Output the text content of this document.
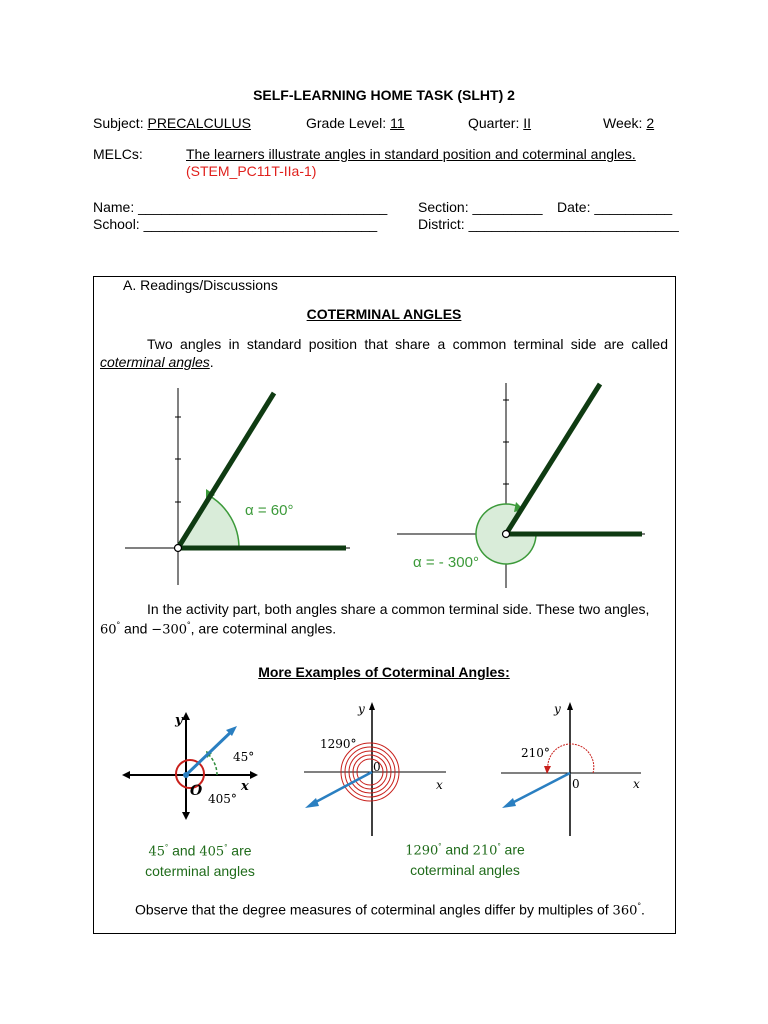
SELF-LEARNING HOME TASK (SLHT) 2
Subject: PRECALCULUS	Grade Level: 11	Quarter: II	Week: 2
MELCs:	The learners illustrate angles in standard position and coterminal angles.
(STEM_PC11T-IIa-1)
Name: ________________________________ Section: _________ Date: __________
School: ______________________________	District: ___________________________
A. Readings/Discussions
COTERMINAL ANGLES
Two angles in standard position that share a common terminal side are called
coterminal angles.
α = 60°
α = - 300°
In the activity part, both angles share a common terminal side. These two angles,
60° and −300°, are coterminal angles.
More Examples of Coterminal Angles:
y
x
O
45°
405°
y
x
0
1290°
y
x
0
210°
45° and 405° are
coterminal angles
1290° and 210° are
coterminal angles
Observe that the degree measures of coterminal angles differ by multiples of 360°.
